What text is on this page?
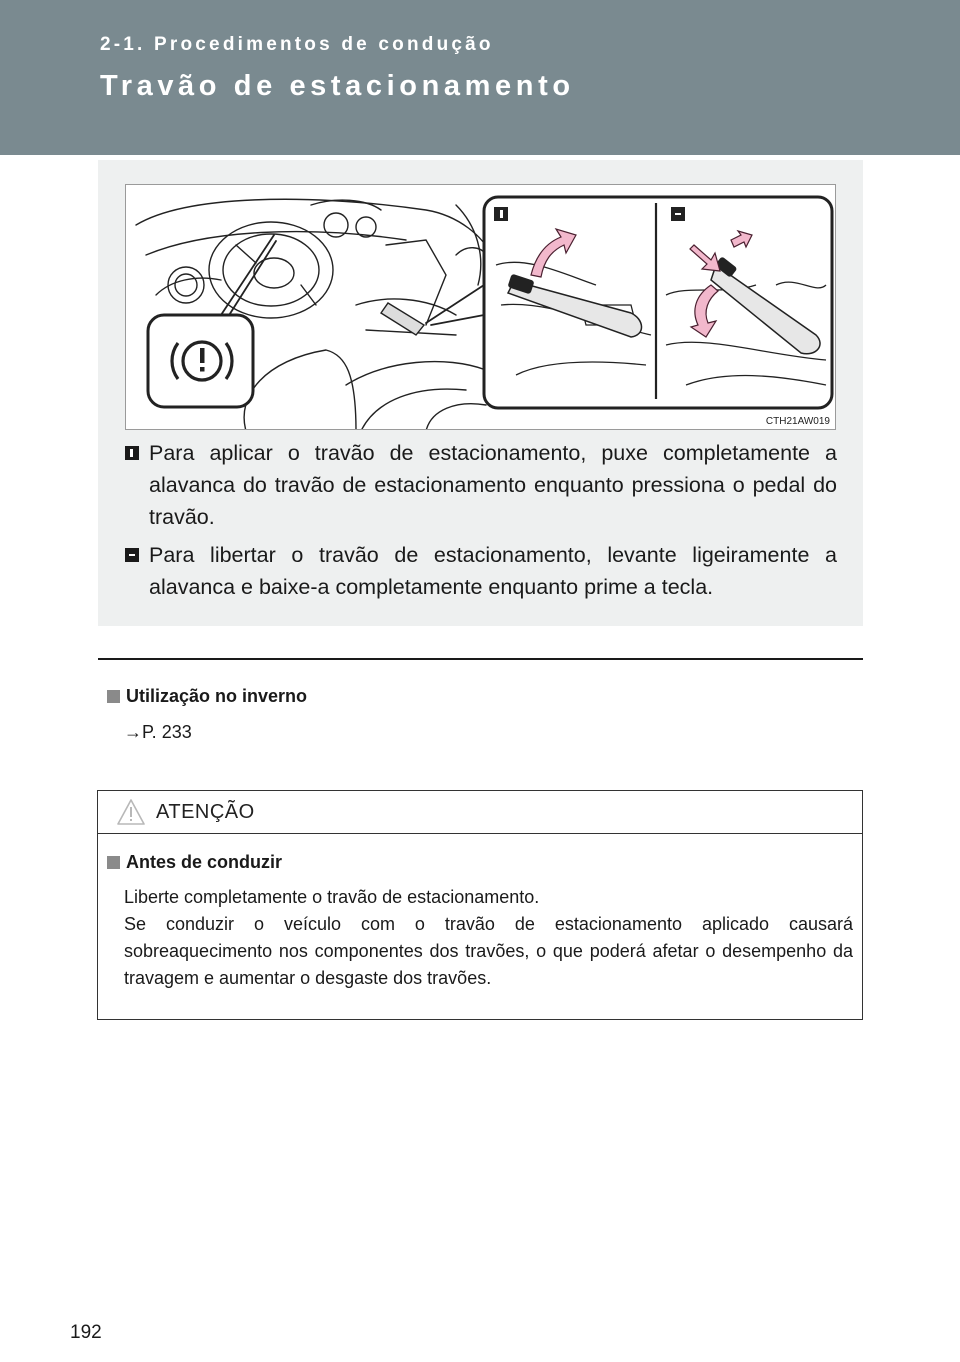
2-1. Procedimentos de condução
Travão de estacionamento
CTH21AW019
Para aplicar o travão de estacionamento, puxe completamente a alavanca do travão de estacionamento enquanto pressiona o pedal do travão.
Para libertar o travão de estacionamento, levante ligeiramente a alavanca e baixe-a completamente enquanto prime a tecla.
Utilização no inverno
→P. 233
ATENÇÃO
Antes de conduzir
Liberte completamente o travão de estacionamento.
Se conduzir o veículo com o travão de estacionamento aplicado causará sobreaquecimento nos componentes dos travões, o que poderá afetar o desempenho da travagem e aumentar o desgaste dos travões.
192
